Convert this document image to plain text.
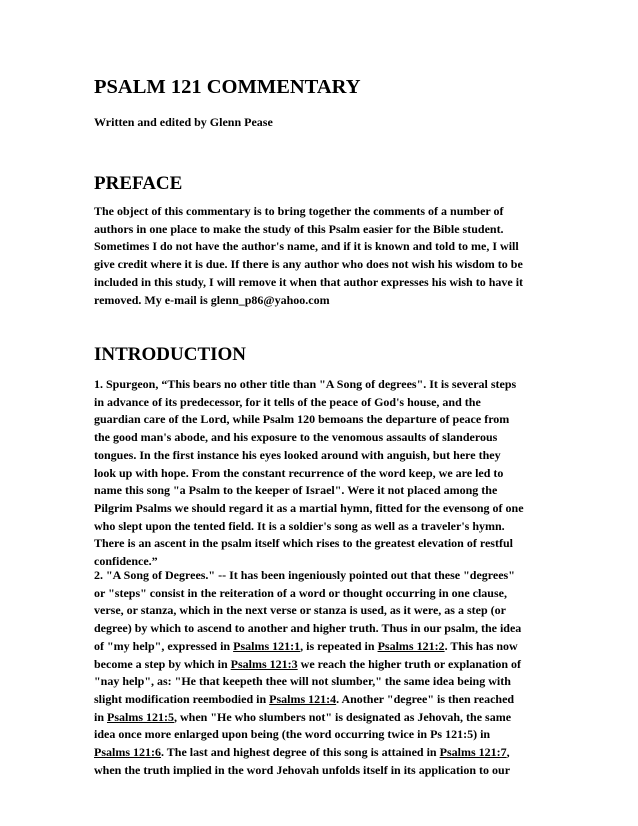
PSALM 121 COMMENTARY

Written and edited by Glenn Pease

PREFACE
The object of this commentary is to bring together the comments of a number of
authors in one place to make the study of this Psalm easier for the Bible student.
Sometimes I do not have the author's name, and if it is known and told to me, I will
give credit where it is due. If there is any author who does not wish his wisdom to be
included in this study, I will remove it when that author expresses his wish to have it
removed. My e-mail is glenn_p86@yahoo.com
INTRODUCTION
1. Spurgeon, “This bears no other title than "A Song of degrees". It is several steps
in advance of its predecessor, for it tells of the peace of God's house, and the
guardian care of the Lord, while Psalm 120 bemoans the departure of peace from
the good man's abode, and his exposure to the venomous assaults of slanderous
tongues. In the first instance his eyes looked around with anguish, but here they
look up with hope. From the constant recurrence of the word keep, we are led to
name this song "a Psalm to the keeper of Israel". Were it not placed among the
Pilgrim Psalms we should regard it as a martial hymn, fitted for the evensong of one
who slept upon the tented field. It is a soldier's song as well as a traveler's hymn.
There is an ascent in the psalm itself which rises to the greatest elevation of restful
confidence.”
2. "A Song of Degrees." -- It has been ingeniously pointed out that these "degrees"
or "steps" consist in the reiteration of a word or thought occurring in one clause,
verse, or stanza, which in the next verse or stanza is used, as it were, as a step (or
degree) by which to ascend to another and higher truth. Thus in our psalm, the idea
of "my help", expressed in Psalms 121:1, is repeated in Psalms 121:2. This has now
become a step by which in Psalms 121:3 we reach the higher truth or explanation of
"nay help", as: "He that keepeth thee will not slumber," the same idea being with
slight modification reembodied in Psalms 121:4. Another "degree" is then reached
in Psalms 121:5, when "He who slumbers not" is designated as Jehovah, the same
idea once more enlarged upon being (the word occurring twice in Ps 121:5) in
Psalms 121:6. The last and highest degree of this song is attained in Psalms 121:7,
when the truth implied in the word Jehovah unfolds itself in its application to our
